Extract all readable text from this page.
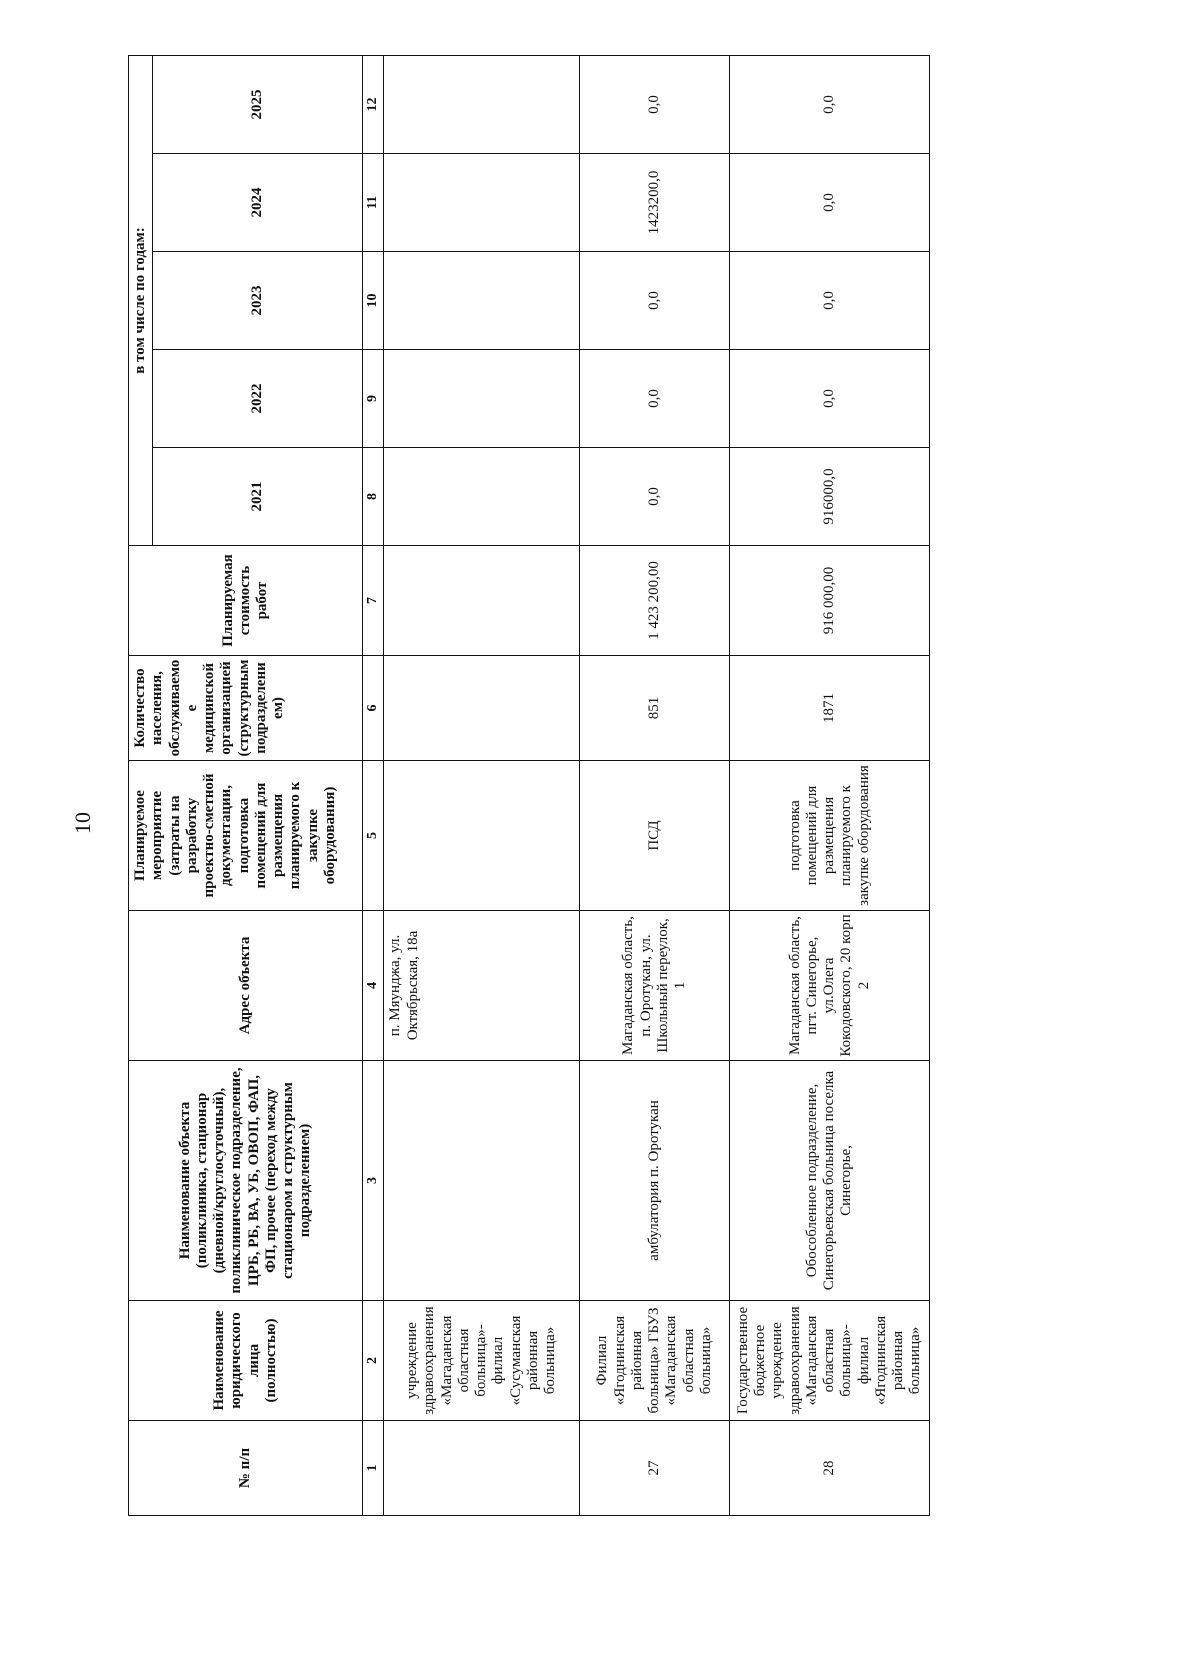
10
№ п/п	Наименование юридического лица (полностью)	Наименование объекта (поликлиника, стационар (дневной/круглосуточный), поликлиническое подразделение, ЦРБ, РБ, ВА, УБ, ОВОП, ФАП, ФП, прочее (переход между стационаром и структурным подразделением)	Адрес объекта	Планируемое мероприятие (затраты на разработку проектно-сметной документации, подготовка помещений для размещения планируемого к закупке оборудования)	Количество населения, обслуживаемое медицинской организацией (структурным подразделением)	Планируемая стоимость работ	в том числе по годам:				
							2021	2022	2023	2024	2025
1	2	3	4	5	6	7	8	9	10	11	12
	учреждение здравоохранения «Магаданская областная больница»- филиал «Сусуманская районная больница»		п. Мяунджа, ул. Октябрьская, 18а								
27	Филиал «Ягоднинская районная больница» ГБУЗ «Магаданская областная больница»	амбулатория п. Оротукан	Магаданская область, п. Оротукан, ул. Школьный переулок, 1	ПСД	851	1 423 200,00	0,0	0,0	0,0	1423200,0	0,0
28	Государственное бюджетное учреждение здравоохранения «Магаданская областная больница»- филиал «Ягоднинская районная больница»	Обособленное подразделение, Синегорьевская больница поселка Синегорье,	Магаданская область, пгт. Синегорье, ул.Олега Кокодовского, 20 корп 2	подготовка помещений для размещения планируемого к закупке оборудования	1871	916 000,00	916000,0	0,0	0,0	0,0	0,0
